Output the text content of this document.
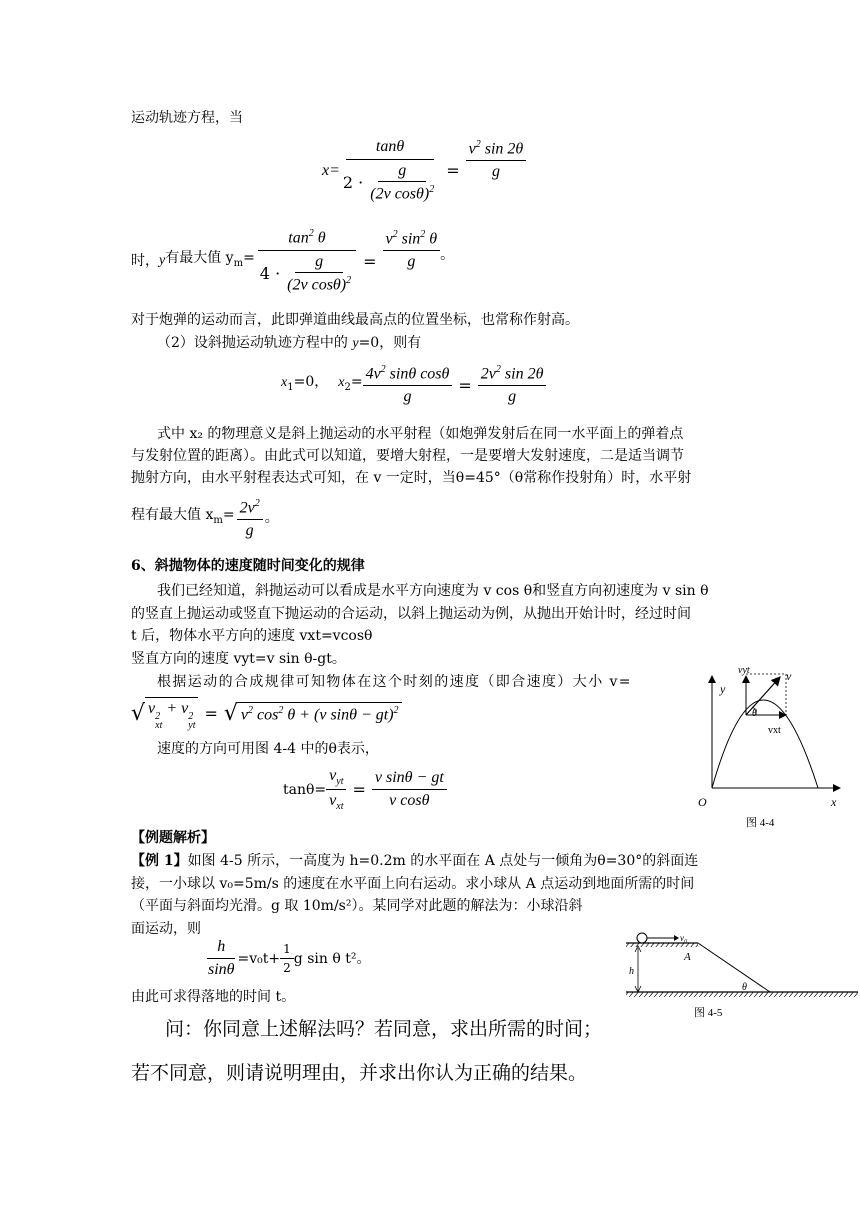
运动轨迹方程，当
$x= \frac{\tan\theta}{2 \cdot \frac{g}{(2v \cos\theta)^2}} = \frac{v^2 \sin 2\theta}{g}$
时， y 有最大值 $y_m= \frac{\tan^2 \theta}{4 \cdot \frac{g}{(2v \cos\theta)^2}} = \frac{v^2 \sin^2 \theta}{g}$ 。
对于炮弹的运动而言，此即弹道曲线最高点的位置坐标，也常称作射高。
（2）设斜抛运动轨迹方程中的 y=0，则有
$x_1=0$， $x_2= \frac{4v^2 \sin\theta \cos\theta}{g} = \frac{2v^2 \sin 2\theta}{g}$
式中 x₂ 的物理意义是斜上抛运动的水平射程（如炮弹发射后在同一水平面上的弹着点
与发射位置的距离）。由此式可以知道，要增大射程，一是要增大发射速度，二是适当调节
抛射方向，由水平射程表达式可知，在 v 一定时，当θ=45°（θ常称作投射角）时，水平射
程有最大值 $x_m= \frac{2v^2}{g}$ 。
6、斜抛物体的速度随时间变化的规律
我们已经知道，斜抛运动可以看成是水平方向速度为 v cos θ和竖直方向初速度为 v sin θ
的竖直上抛运动或竖直下抛运动的合运动，以斜上抛运动为例，从抛出开始计时，经过时间
t 后，物体水平方向的速度 vxt=vcosθ
竖直方向的速度 vyt=v sin θ-gt。
根据运动的合成规律可知物体在这个时刻的速度（即合速度）大小 v=
√ v 2
xt
+ v 2
yt
= √ $v^2$ $\cos^2 \theta + (v$ sinθ − gt)$^2$
速度的方向可用图 4-4 中的θ表示，
$\tan\theta= \frac{v_{yt}}{v_{xt}} = \frac{\text{v sinθ − gt}}{\text{v cosθ}}$
vyt	v
y
θ
vxt
O	x
图 4-4
【例题解析】
【例 1】如图 4-5 所示，一高度为 h=0.2m 的水平面在 A 点处与一倾角为θ=30°的斜面连
接，一小球以 v₀=5m/s 的速度在水平面上向右运动。求小球从 A 点运动到地面所需的时间
（平面与斜面均光滑。g 取 10m/s²）。某同学对此题的解法为：小球沿斜
面运动，则
$\frac{h}{\sin\theta} =v_0t+ \frac{1}{2}$ g sin θ t²。
由此可求得落地的时间 t。
v₀
A
h
θ
图 4-5
问：你同意上述解法吗？若同意，求出所需的时间；
若不同意，则请说明理由，并求出你认为正确的结果。
